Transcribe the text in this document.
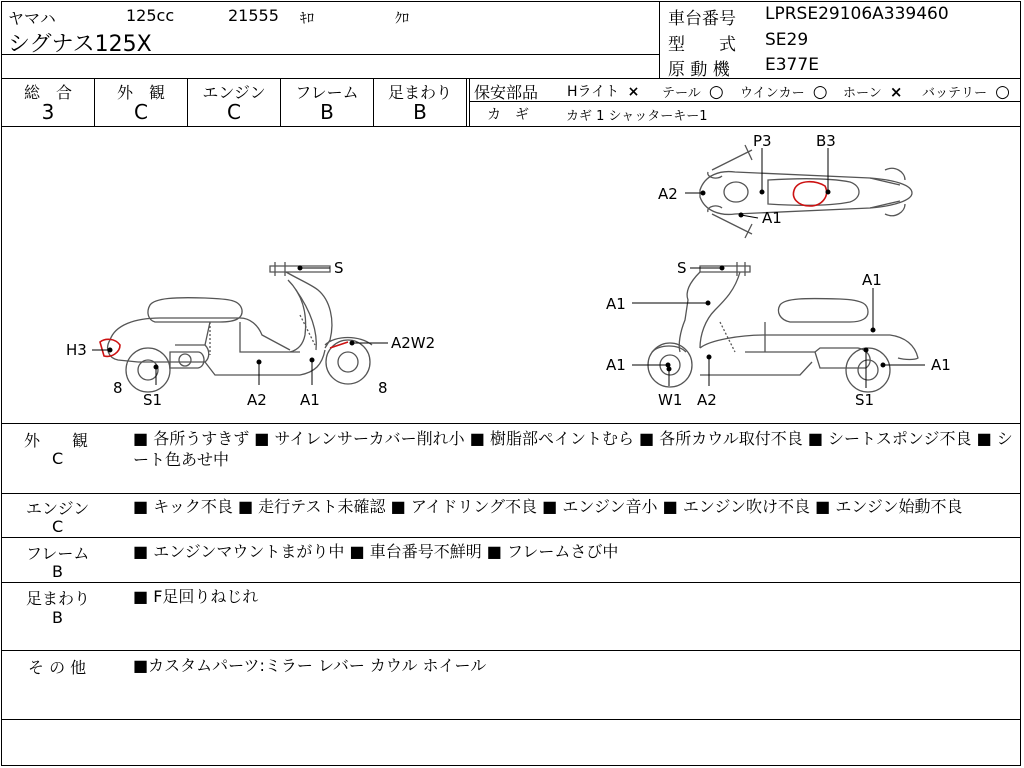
ヤマハ	125cc	21555 ｷﾛ	ｸﾛ
シグナス125X
車台番号 LPRSE29106A339460
型　　式 SE29
原 動 機 E377E
総　合	外　観	エンジン	フレーム	足まわり
3	C	C	B	B
保安部品 Hライト × テール ○ ウインカー ○ ホーン × バッテリー ○
カ　ギ	カギ 1 シャッターキー1
P3	B3
A2
A1
S
H3	A2W2
8	8
S1	A2 A1
S
A1
A1
A1	A1
W1 A2	S1
外　　観
C
■ 各所うすきず ■ サイレンサーカバー削れ小 ■ 樹脂部ペイントむら ■ 各所カウル取付不良 ■ シートスポンジ不良 ■ シート色あせ中
エンジン
C
■ キック不良 ■ 走行テスト未確認 ■ アイドリング不良 ■ エンジン音小 ■ エンジン吹け不良 ■ エンジン始動不良
フレーム
B
■ エンジンマウントまがり中 ■ 車台番号不鮮明 ■ フレームさび中
足まわり
B
■ F足回りねじれ
そ の 他	■カスタムパーツ:ミラー レバー カウル ホイール
